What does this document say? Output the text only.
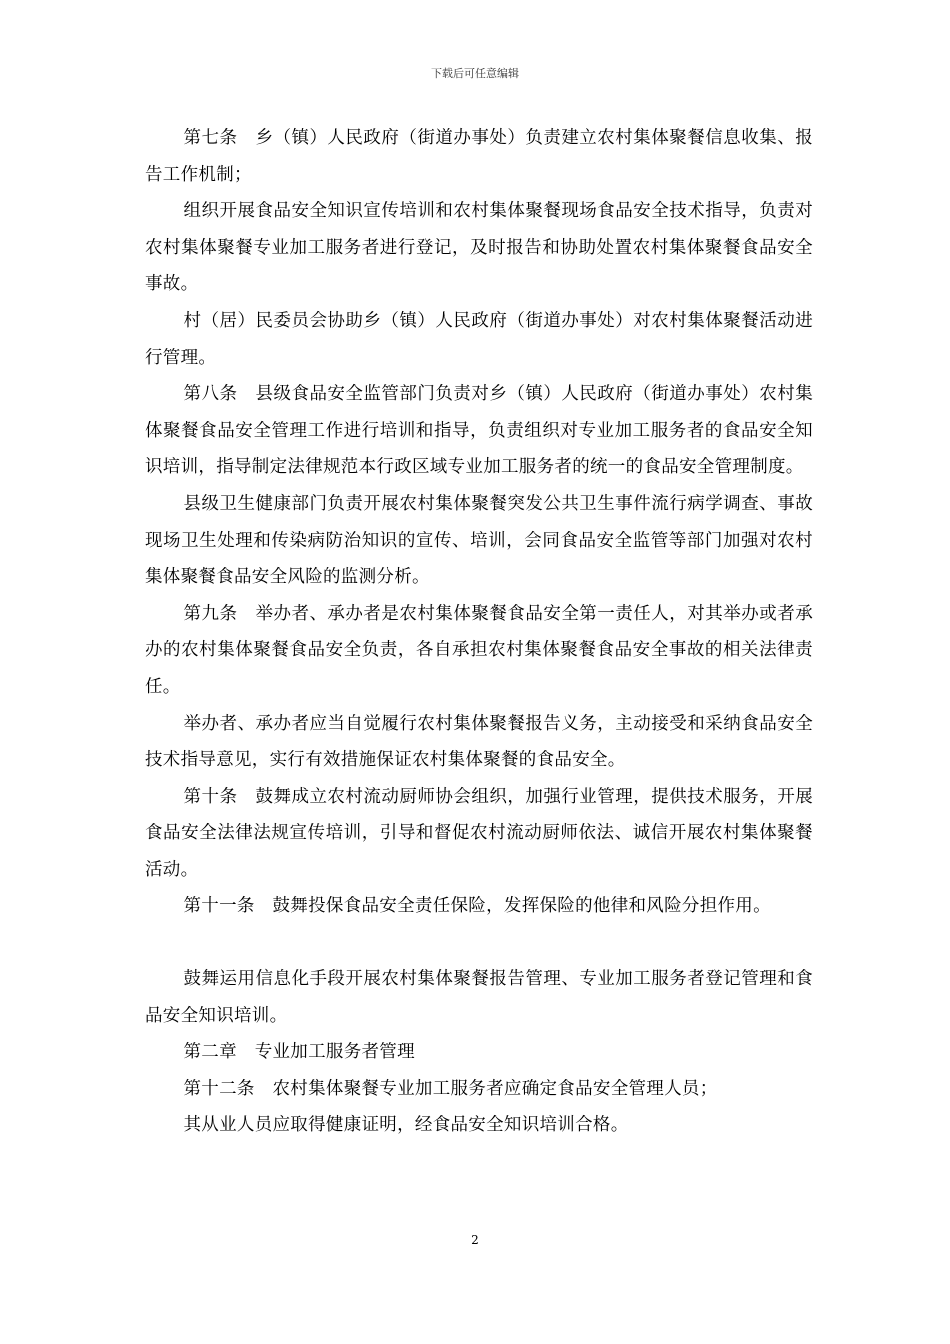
下载后可任意编辑

第七条　乡（镇）人民政府（街道办事处）负责建立农村集体聚餐信息收集、报告工作机制；

组织开展食品安全知识宣传培训和农村集体聚餐现场食品安全技术指导，负责对农村集体聚餐专业加工服务者进行登记，及时报告和协助处置农村集体聚餐食品安全事故。

村（居）民委员会协助乡（镇）人民政府（街道办事处）对农村集体聚餐活动进行管理。

第八条　县级食品安全监管部门负责对乡（镇）人民政府（街道办事处）农村集体聚餐食品安全管理工作进行培训和指导，负责组织对专业加工服务者的食品安全知识培训，指导制定法律规范本行政区域专业加工服务者的统一的食品安全管理制度。

县级卫生健康部门负责开展农村集体聚餐突发公共卫生事件流行病学调查、事故现场卫生处理和传染病防治知识的宣传、培训，会同食品安全监管等部门加强对农村集体聚餐食品安全风险的监测分析。

第九条　举办者、承办者是农村集体聚餐食品安全第一责任人，对其举办或者承办的农村集体聚餐食品安全负责，各自承担农村集体聚餐食品安全事故的相关法律责任。

举办者、承办者应当自觉履行农村集体聚餐报告义务，主动接受和采纳食品安全技术指导意见，实行有效措施保证农村集体聚餐的食品安全。

第十条　鼓舞成立农村流动厨师协会组织，加强行业管理，提供技术服务，开展食品安全法律法规宣传培训，引导和督促农村流动厨师依法、诚信开展农村集体聚餐活动。

第十一条　鼓舞投保食品安全责任保险，发挥保险的他律和风险分担作用。

鼓舞运用信息化手段开展农村集体聚餐报告管理、专业加工服务者登记管理和食品安全知识培训。

第二章　专业加工服务者管理

第十二条　农村集体聚餐专业加工服务者应确定食品安全管理人员；

其从业人员应取得健康证明，经食品安全知识培训合格。

2
